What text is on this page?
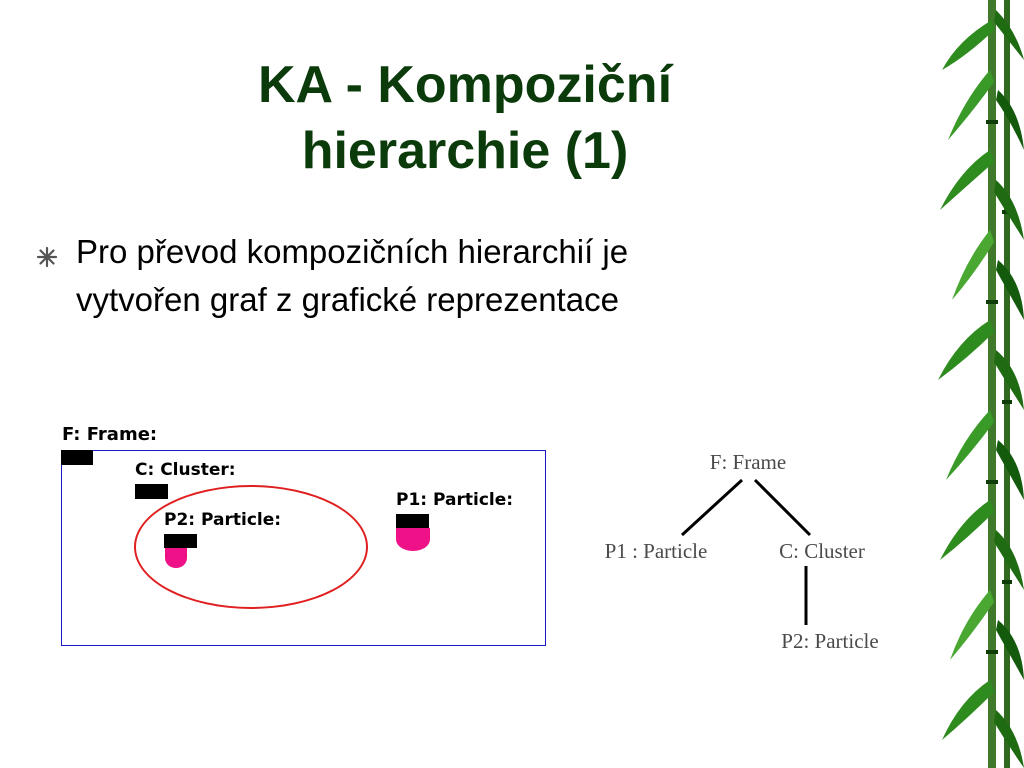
KA - Kompoziční
hierarchie (1)
Pro převod kompozičních hierarchií je
vytvořen graf z grafické reprezentace
F: Frame:
C: Cluster:
P2: Particle:
P1: Particle:
F: Frame
P1 : Particle	C: Cluster
P2: Particle
